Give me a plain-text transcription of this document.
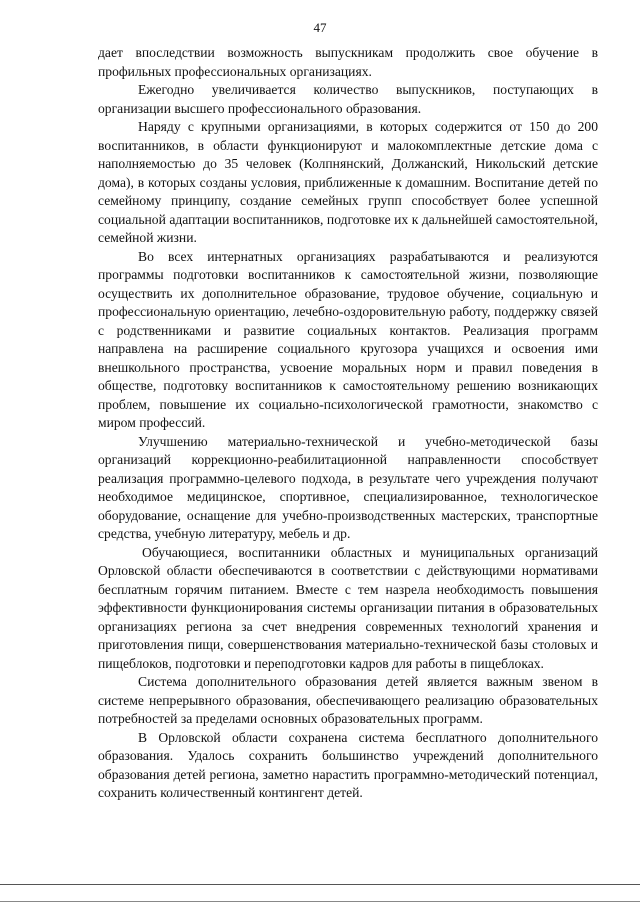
47

дает впоследствии возможность выпускникам продолжить свое обучение в профильных профессиональных организациях.

Ежегодно увеличивается количество выпускников, поступающих в организации высшего профессионального образования.

Наряду с крупными организациями, в которых содержится от 150 до 200 воспитанников, в области функционируют и малокомплектные детские дома с наполняемостью до 35 человек (Колпнянский, Должанский, Никольский детские дома), в которых созданы условия, приближенные к домашним. Воспитание детей по семейному принципу, создание семейных групп способствует более успешной социальной адаптации воспитанников, подготовке их к дальнейшей самостоятельной, семейной жизни.

Во всех интернатных организациях разрабатываются и реализуются программы подготовки воспитанников к самостоятельной жизни, позволяющие осуществить их дополнительное образование, трудовое обучение, социальную и профессиональную ориентацию, лечебно-оздоровительную работу, поддержку связей с родственниками и развитие социальных контактов. Реализация программ направлена на расширение социального кругозора учащихся и освоения ими внешкольного пространства, усвоение моральных норм и правил поведения в обществе, подготовку воспитанников к самостоятельному решению возникающих проблем, повышение их социально-психологической грамотности, знакомство с миром профессий.

Улучшению материально-технической и учебно-методической базы организаций коррекционно-реабилитационной направленности способствует реализация программно-целевого подхода, в результате чего учреждения получают необходимое медицинское, спортивное, специализированное, технологическое оборудование, оснащение для учебно-производственных мастерских, транспортные средства, учебную литературу, мебель и др.

Обучающиеся, воспитанники областных и муниципальных организаций Орловской области обеспечиваются в соответствии с действующими нормативами бесплатным горячим питанием. Вместе с тем назрела необходимость повышения эффективности функционирования системы организации питания в образовательных организациях региона за счет внедрения современных технологий хранения и приготовления пищи, совершенствования материально-технической базы столовых и пищеблоков, подготовки и переподготовки кадров для работы в пищеблоках.

Система дополнительного образования детей является важным звеном в системе непрерывного образования, обеспечивающего реализацию образовательных потребностей за пределами основных образовательных программ.

В Орловской области сохранена система бесплатного дополнительного образования. Удалось сохранить большинство учреждений дополнительного образования детей региона, заметно нарастить программно-методический потенциал, сохранить количественный контингент детей.
